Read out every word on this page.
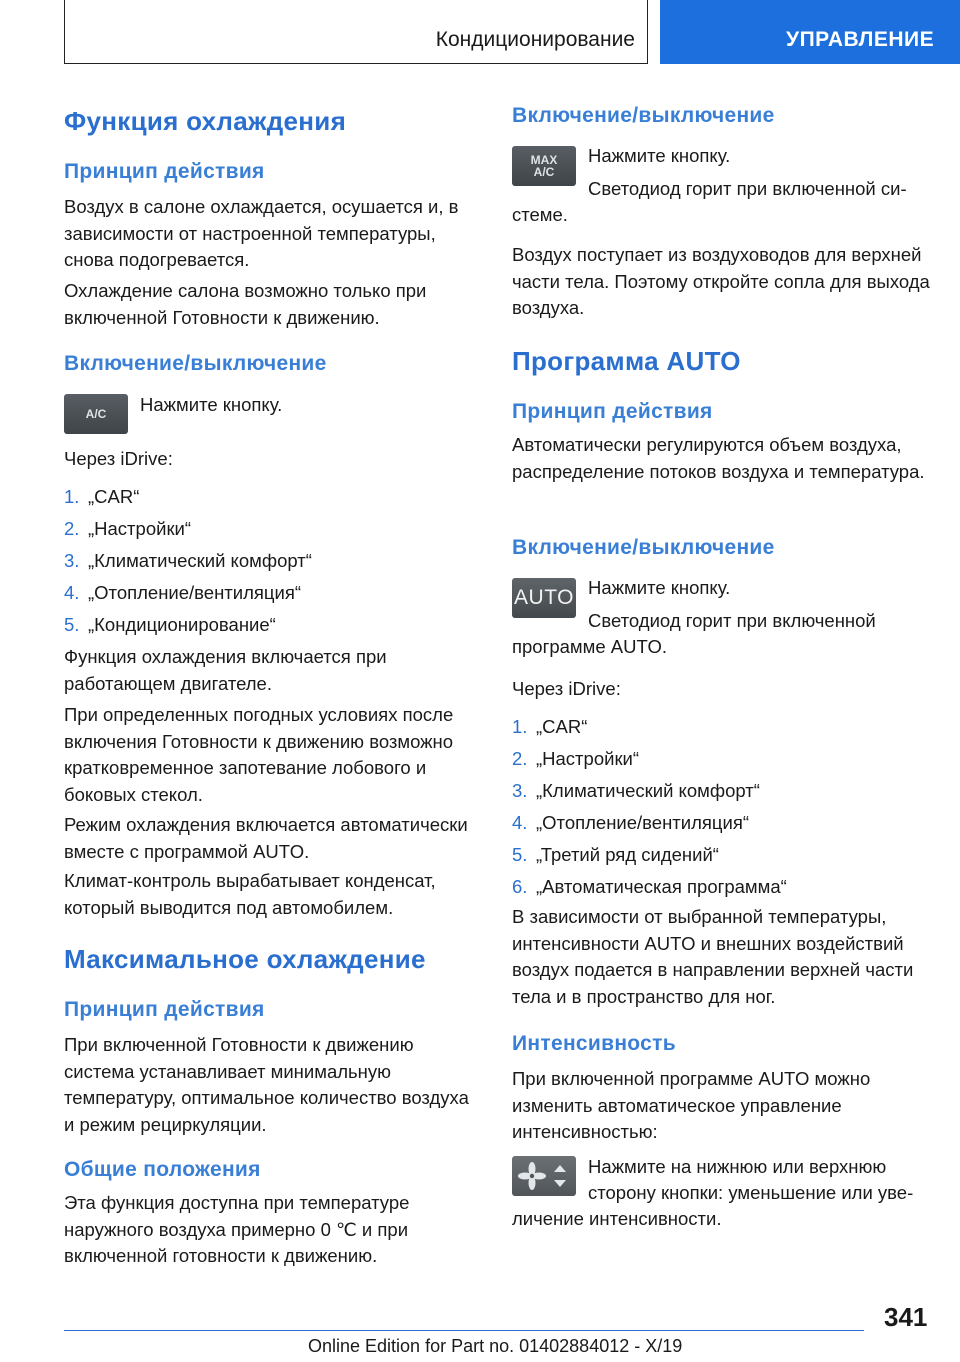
Кондиционирование	УПРАВЛЕНИЕ
Функция охлаждения
Принцип действия

Воздух в салоне охлаждается, осушается и, в зависимости от настроенной температуры, снова подогревается.

Охлаждение салона возможно только при включенной Готовности к движению.

Включение/выключение
A/C Нажмите кнопку.
Через iDrive:
1. „CAR“
2. „Настройки“
3. „Климатический комфорт“
4. „Отопление/вентиляция“
5. „Кондиционирование“

Функция охлаждения включается при работающем двигателе.

При определенных погодных условиях после включения Готовности к движению возможно кратковременное запотевание лобового и боковых стекол.

Режим охлаждения включается автоматически вместе с программой AUTO.

Климат-контроль вырабатывает конденсат, который выводится под автомобилем.

Максимальное охлаждение
Принцип действия

При включенной Готовности к движению система устанавливает минимальную температуру, оптимальное количество воздуха и режим рециркуляции.

Общие положения

Эта функция доступна при температуре наружного воздуха примерно 0 ℃ и при включенной готовности к движению.

Включение/выключение
MAX
A/C
Нажмите кнопку.
Светодиод горит при включенной си-
стеме.

Воздух поступает из воздуховодов для верхней части тела. Поэтому откройте сопла для выхода воздуха.

Программа AUTO
Принцип действия

Автоматически регулируются объем воздуха, распределение потоков воздуха и температура.

Включение/выключение
AUTO Нажмите кнопку.
Светодиод горит при включенной
программе AUTO.
Через iDrive:
1. „CAR“
2. „Настройки“
3. „Климатический комфорт“
4. „Отопление/вентиляция“
5. „Третий ряд сидений“
6. „Автоматическая программа“

В зависимости от выбранной температуры, интенсивности AUTO и внешних воздействий воздух подается в направлении верхней части тела и в пространство для ног.

Интенсивность

При включенной программе AUTO можно изменить автоматическое управление интенсивностью:

Нажмите на нижнюю или верхнюю
сторону кнопки: уменьшение или уве-
личение интенсивности.
341
Online Edition for Part no. 01402884012 - X/19
